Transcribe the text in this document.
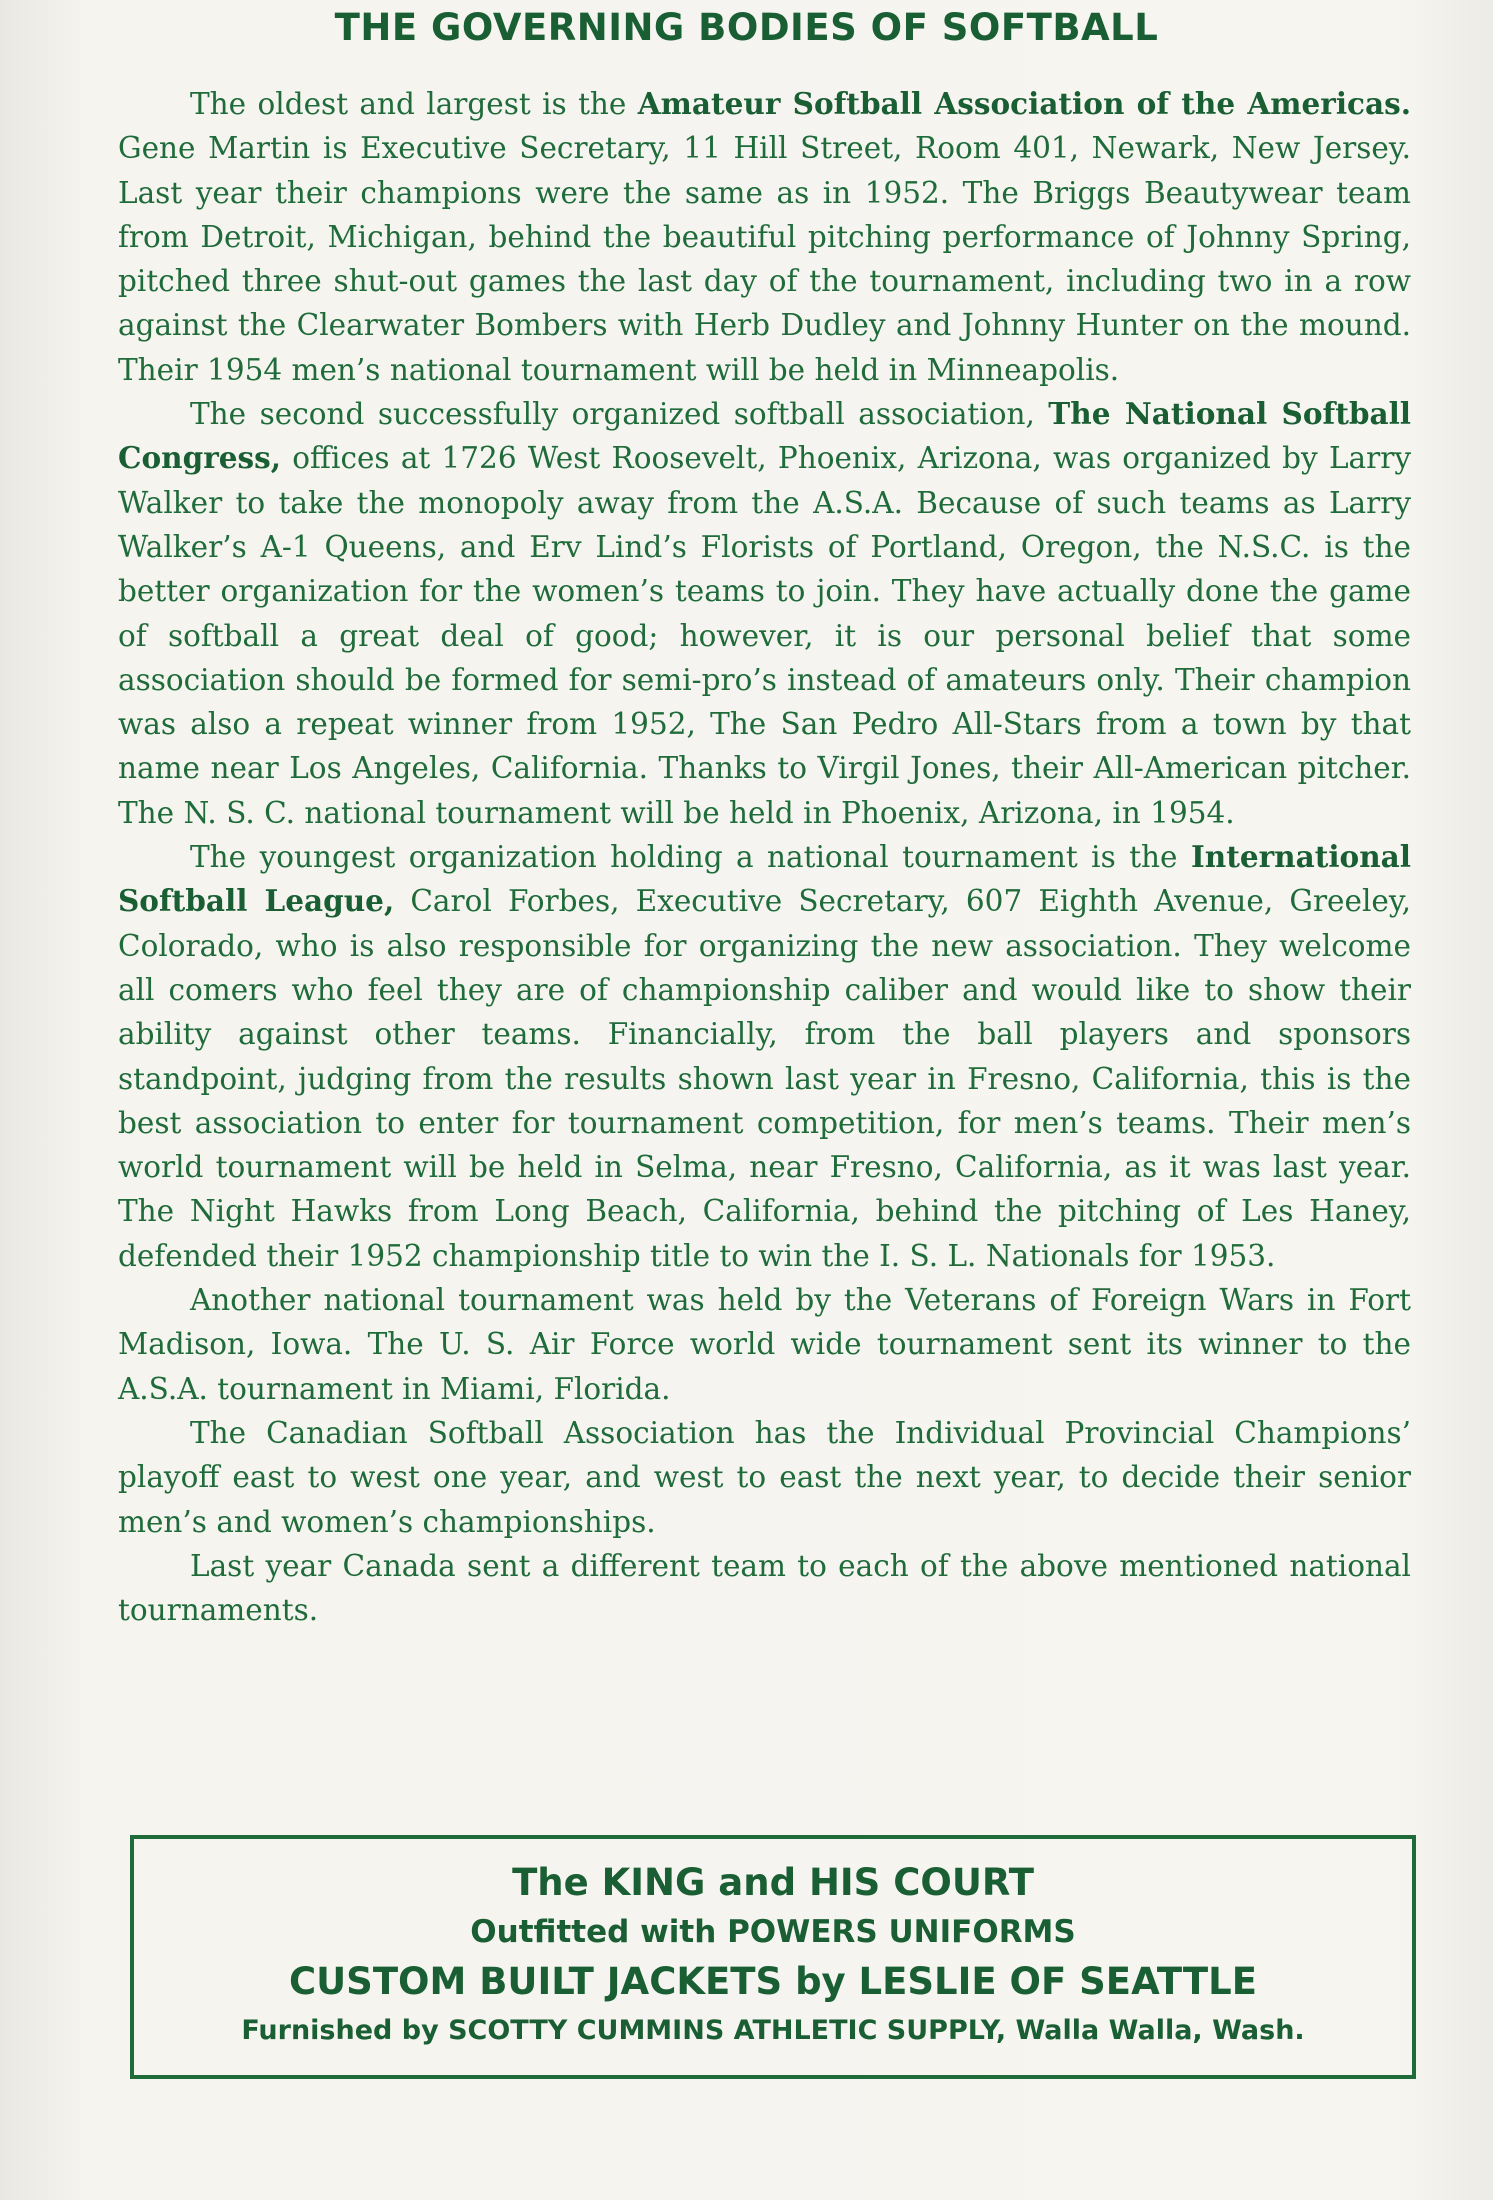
THE GOVERNING BODIES OF SOFTBALL

The oldest and largest is the Amateur Softball Association of the Americas. Gene Martin is Executive Secretary, 11 Hill Street, Room 401, Newark, New Jersey. Last year their champions were the same as in 1952. The Briggs Beautywear team from Detroit, Michigan, behind the beautiful pitching performance of Johnny Spring, pitched three shut-out games the last day of the tournament, including two in a row against the Clearwater Bombers with Herb Dudley and Johnny Hunter on the mound. Their 1954 men’s national tournament will be held in Minneapolis.

The second successfully organized softball association, The National Softball Congress, offices at 1726 West Roosevelt, Phoenix, Arizona, was organized by Larry Walker to take the monopoly away from the A.S.A. Because of such teams as Larry Walker’s A-1 Queens, and Erv Lind’s Florists of Portland, Oregon, the N.S.C. is the better organization for the women’s teams to join. They have actually done the game of softball a great deal of good; however, it is our personal belief that some association should be formed for semi-pro’s instead of amateurs only. Their champion was also a repeat winner from 1952, The San Pedro All-Stars from a town by that name near Los Angeles, California. Thanks to Virgil Jones, their All-American pitcher. The N. S. C. national tournament will be held in Phoenix, Arizona, in 1954.

The youngest organization holding a national tournament is the International Softball League, Carol Forbes, Executive Secretary, 607 Eighth Avenue, Greeley, Colorado, who is also responsible for organizing the new association. They welcome all comers who feel they are of championship caliber and would like to show their ability against other teams. Financially, from the ball players and sponsors standpoint, judging from the results shown last year in Fresno, California, this is the best association to enter for tournament competition, for men’s teams. Their men’s world tournament will be held in Selma, near Fresno, California, as it was last year. The Night Hawks from Long Beach, California, behind the pitching of Les Haney, defended their 1952 championship title to win the I. S. L. Nationals for 1953.

Another national tournament was held by the Veterans of Foreign Wars in Fort Madison, Iowa. The U. S. Air Force world wide tournament sent its winner to the A.S.A. tournament in Miami, Florida.

The Canadian Softball Association has the Individual Provincial Champions’ playoff east to west one year, and west to east the next year, to decide their senior men’s and women’s championships.

Last year Canada sent a different team to each of the above mentioned national tournaments.

The KING and HIS COURT
Outfitted with POWERS UNIFORMS
CUSTOM BUILT JACKETS by LESLIE OF SEATTLE
Furnished by SCOTTY CUMMINS ATHLETIC SUPPLY, Walla Walla, Wash.
